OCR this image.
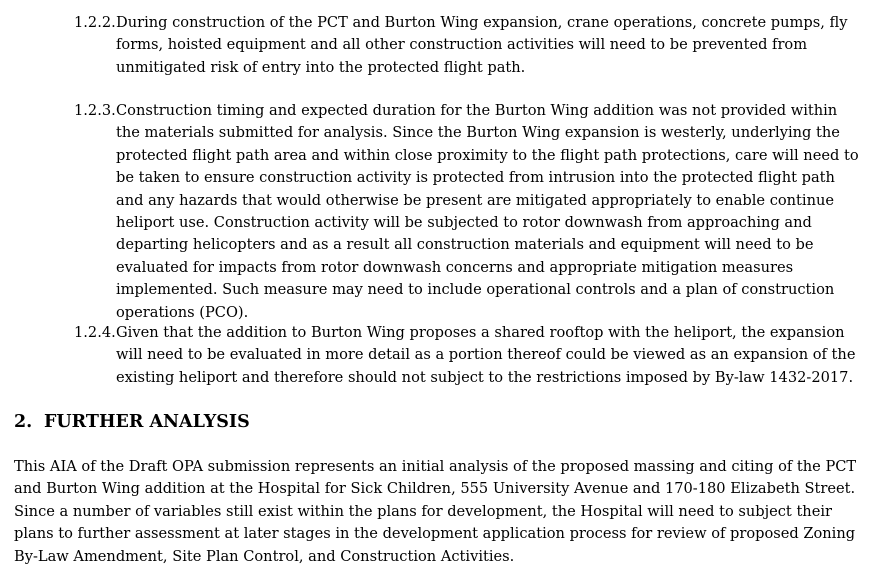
1.2.2. During construction of the PCT and Burton Wing expansion, crane operations, concrete pumps, fly forms, hoisted equipment and all other construction activities will need to be prevented from unmitigated risk of entry into the protected flight path.
1.2.3. Construction timing and expected duration for the Burton Wing addition was not provided within the materials submitted for analysis. Since the Burton Wing expansion is westerly, underlying the protected flight path area and within close proximity to the flight path protections, care will need to be taken to ensure construction activity is protected from intrusion into the protected flight path and any hazards that would otherwise be present are mitigated appropriately to enable continue heliport use. Construction activity will be subjected to rotor downwash from approaching and departing helicopters and as a result all construction materials and equipment will need to be evaluated for impacts from rotor downwash concerns and appropriate mitigation measures implemented. Such measure may need to include operational controls and a plan of construction operations (PCO).
1.2.4. Given that the addition to Burton Wing proposes a shared rooftop with the heliport, the expansion will need to be evaluated in more detail as a portion thereof could be viewed as an expansion of the existing heliport and therefore should not subject to the restrictions imposed by By-law 1432-2017.
2. FURTHER ANALYSIS
This AIA of the Draft OPA submission represents an initial analysis of the proposed massing and citing of the PCT and Burton Wing addition at the Hospital for Sick Children, 555 University Avenue and 170-180 Elizabeth Street. Since a number of variables still exist within the plans for development, the Hospital will need to subject their plans to further assessment at later stages in the development application process for review of proposed Zoning By-Law Amendment, Site Plan Control, and Construction Activities.
